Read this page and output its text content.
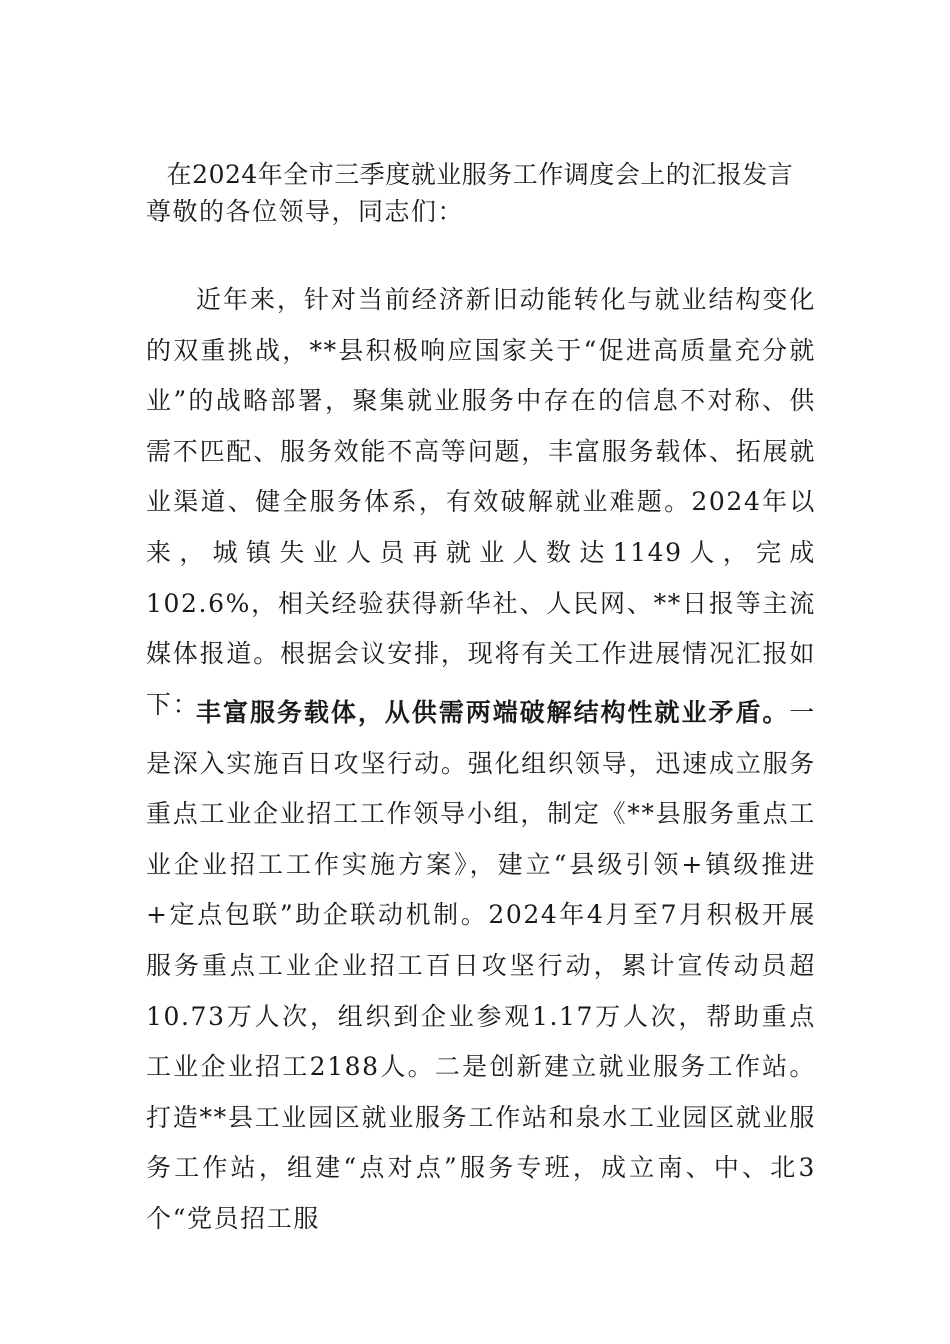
在2024年全市三季度就业服务工作调度会上的汇报发言
尊敬的各位领导，同志们：

近年来，针对当前经济新旧动能转化与就业结构变化的双重挑战，**县积极响应国家关于“促进高质量充分就业”的战略部署，聚集就业服务中存在的信息不对称、供需不匹配、服务效能不高等问题，丰富服务载体、拓展就业渠道、健全服务体系，有效破解就业难题。2024年以来，城镇失业人员再就业人数达1149人，完成102.6%，相关经验获得新华社、人民网、**日报等主流媒体报道。根据会议安排，现将有关工作进展情况汇报如下：

丰富服务载体，从供需两端破解结构性就业矛盾。一是深入实施百日攻坚行动。强化组织领导，迅速成立服务重点工业企业招工工作领导小组，制定《**县服务重点工业企业招工工作实施方案》，建立“县级引领+镇级推进+定点包联”助企联动机制。2024年4月至7月积极开展服务重点工业企业招工百日攻坚行动，累计宣传动员超10.73万人次，组织到企业参观1.17万人次，帮助重点工业企业招工2188人。二是创新建立就业服务工作站。打造**县工业园区就业服务工作站和泉水工业园区就业服务工作站，组建“点对点”服务专班，成立南、中、北3个“党员招工服
